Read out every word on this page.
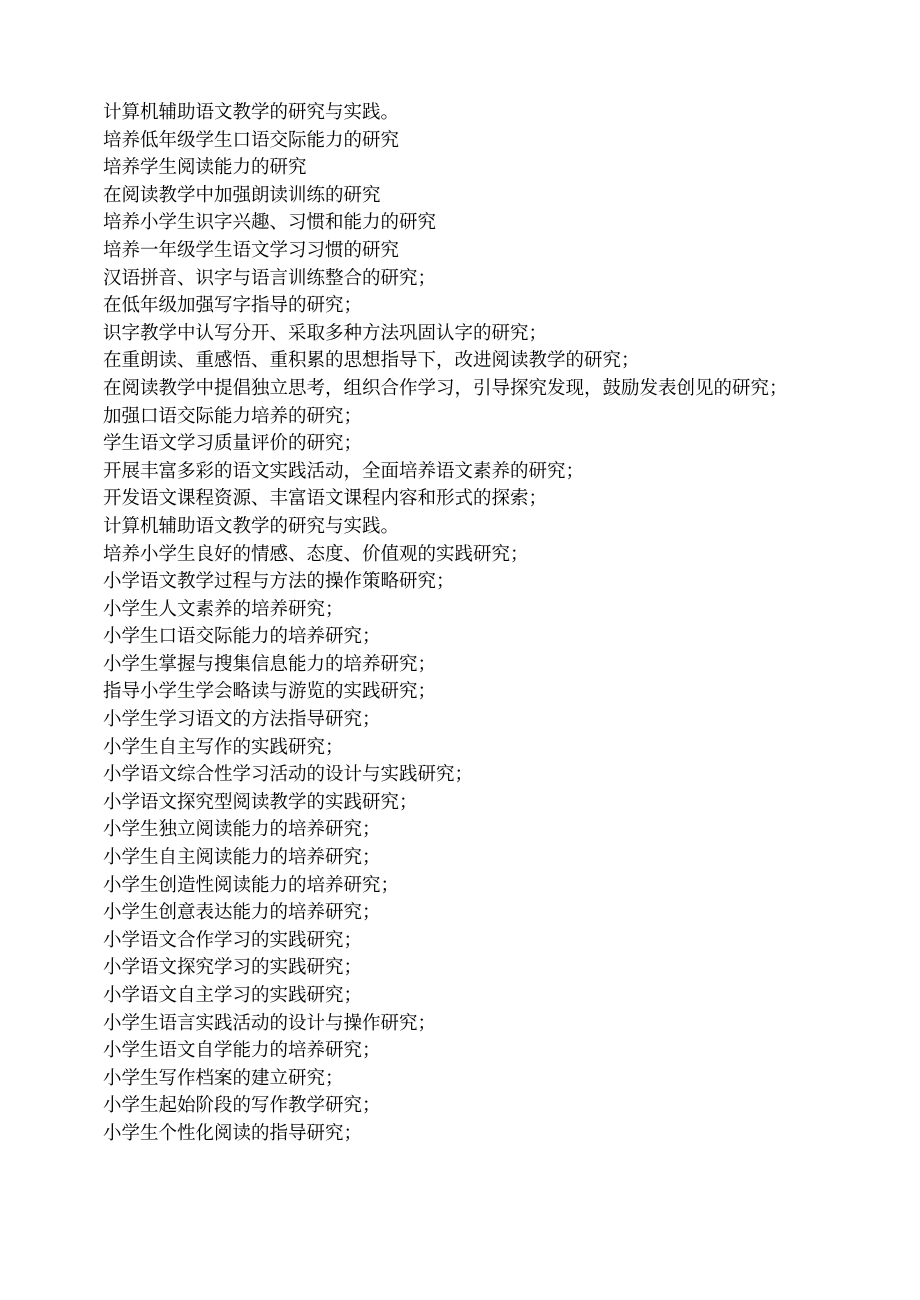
计算机辅助语文教学的研究与实践。
培养低年级学生口语交际能力的研究
培养学生阅读能力的研究
在阅读教学中加强朗读训练的研究
培养小学生识字兴趣、习惯和能力的研究
培养一年级学生语文学习习惯的研究
汉语拼音、识字与语言训练整合的研究；
在低年级加强写字指导的研究；
识字教学中认写分开、采取多种方法巩固认字的研究；
在重朗读、重感悟、重积累的思想指导下，改进阅读教学的研究；
在阅读教学中提倡独立思考，组织合作学习，引导探究发现，鼓励发表创见的研究；
加强口语交际能力培养的研究；
学生语文学习质量评价的研究；
开展丰富多彩的语文实践活动，全面培养语文素养的研究；
开发语文课程资源、丰富语文课程内容和形式的探索；
计算机辅助语文教学的研究与实践。
培养小学生良好的情感、态度、价值观的实践研究；
小学语文教学过程与方法的操作策略研究；
小学生人文素养的培养研究；
小学生口语交际能力的培养研究；
小学生掌握与搜集信息能力的培养研究；
指导小学生学会略读与游览的实践研究；
小学生学习语文的方法指导研究；
小学生自主写作的实践研究；
小学语文综合性学习活动的设计与实践研究；
小学语文探究型阅读教学的实践研究；
小学生独立阅读能力的培养研究；
小学生自主阅读能力的培养研究；
小学生创造性阅读能力的培养研究；
小学生创意表达能力的培养研究；
小学语文合作学习的实践研究；
小学语文探究学习的实践研究；
小学语文自主学习的实践研究；
小学生语言实践活动的设计与操作研究；
小学生语文自学能力的培养研究；
小学生写作档案的建立研究；
小学生起始阶段的写作教学研究；
小学生个性化阅读的指导研究；
